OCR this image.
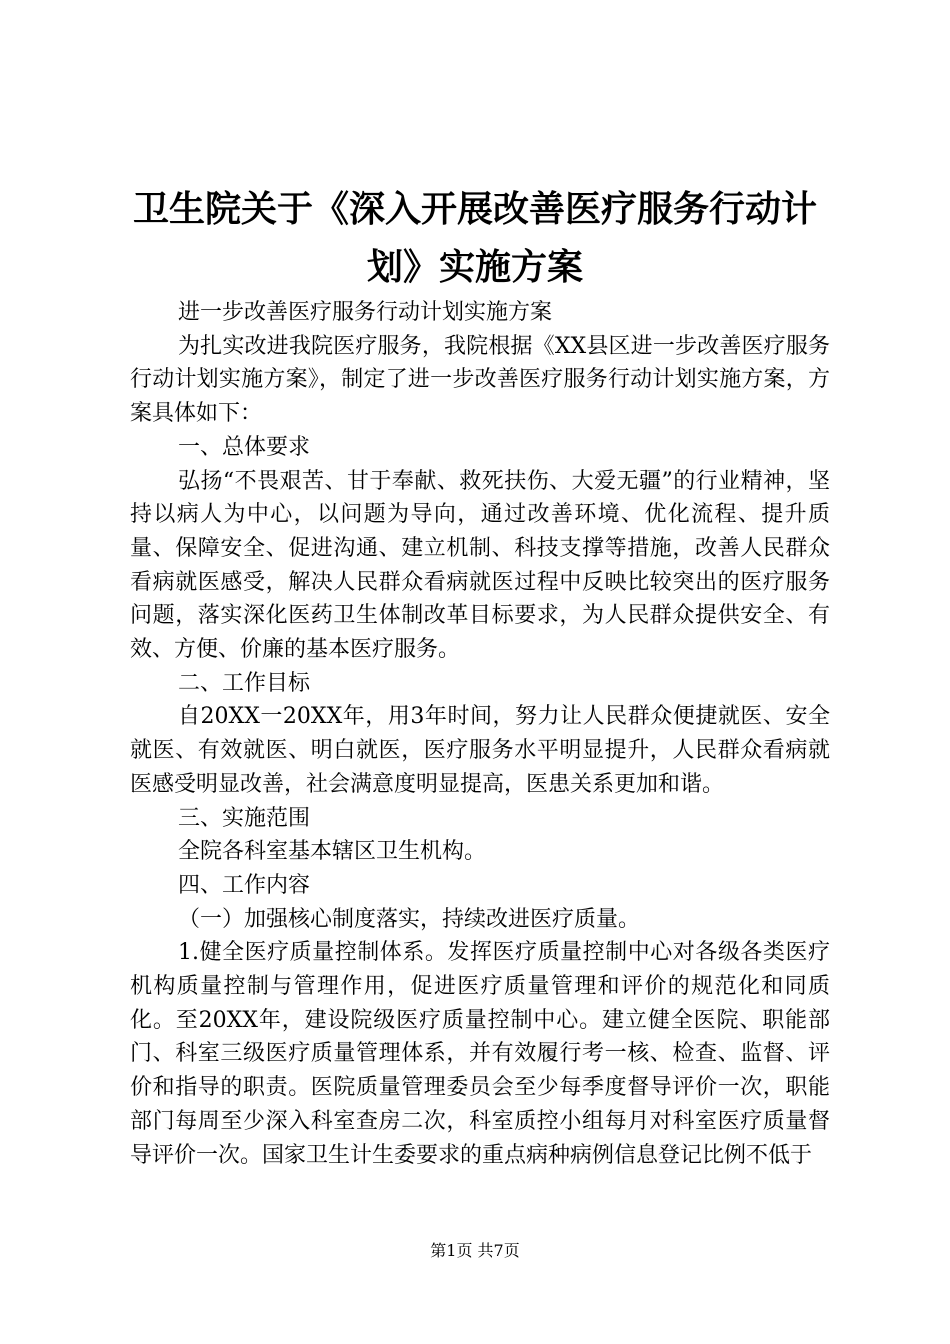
卫生院关于《深入开展改善医疗服务行动计
划》实施方案

进一步改善医疗服务行动计划实施方案

为扎实改进我院医疗服务，我院根据《XX县区进一步改善医疗服务行动计划实施方案》，制定了进一步改善医疗服务行动计划实施方案，方案具体如下：

一、总体要求

弘扬“不畏艰苦、甘于奉献、救死扶伤、大爱无疆”的行业精神，坚持以病人为中心，以问题为导向，通过改善环境、优化流程、提升质量、保障安全、促进沟通、建立机制、科技支撑等措施，改善人民群众看病就医感受，解决人民群众看病就医过程中反映比较突出的医疗服务问题，落实深化医药卫生体制改革目标要求，为人民群众提供安全、有效、方便、价廉的基本医疗服务。

二、工作目标

自20XX一20XX年，用3年时间，努力让人民群众便捷就医、安全就医、有效就医、明白就医，医疗服务水平明显提升，人民群众看病就医感受明显改善，社会满意度明显提高，医患关系更加和谐。

三、实施范围

全院各科室基本辖区卫生机构。

四、工作内容

（一）加强核心制度落实，持续改进医疗质量。

1.健全医疗质量控制体系。发挥医疗质量控制中心对各级各类医疗机构质量控制与管理作用，促进医疗质量管理和评价的规范化和同质化。至20XX年，建设院级医疗质量控制中心。建立健全医院、职能部门、科室三级医疗质量管理体系，并有效履行考一核、检查、监督、评价和指导的职责。医院质量管理委员会至少每季度督导评价一次，职能部门每周至少深入科室查房二次，科室质控小组每月对科室医疗质量督导评价一次。国家卫生计生委要求的重点病种病例信息登记比例不低于

第1页 共7页
